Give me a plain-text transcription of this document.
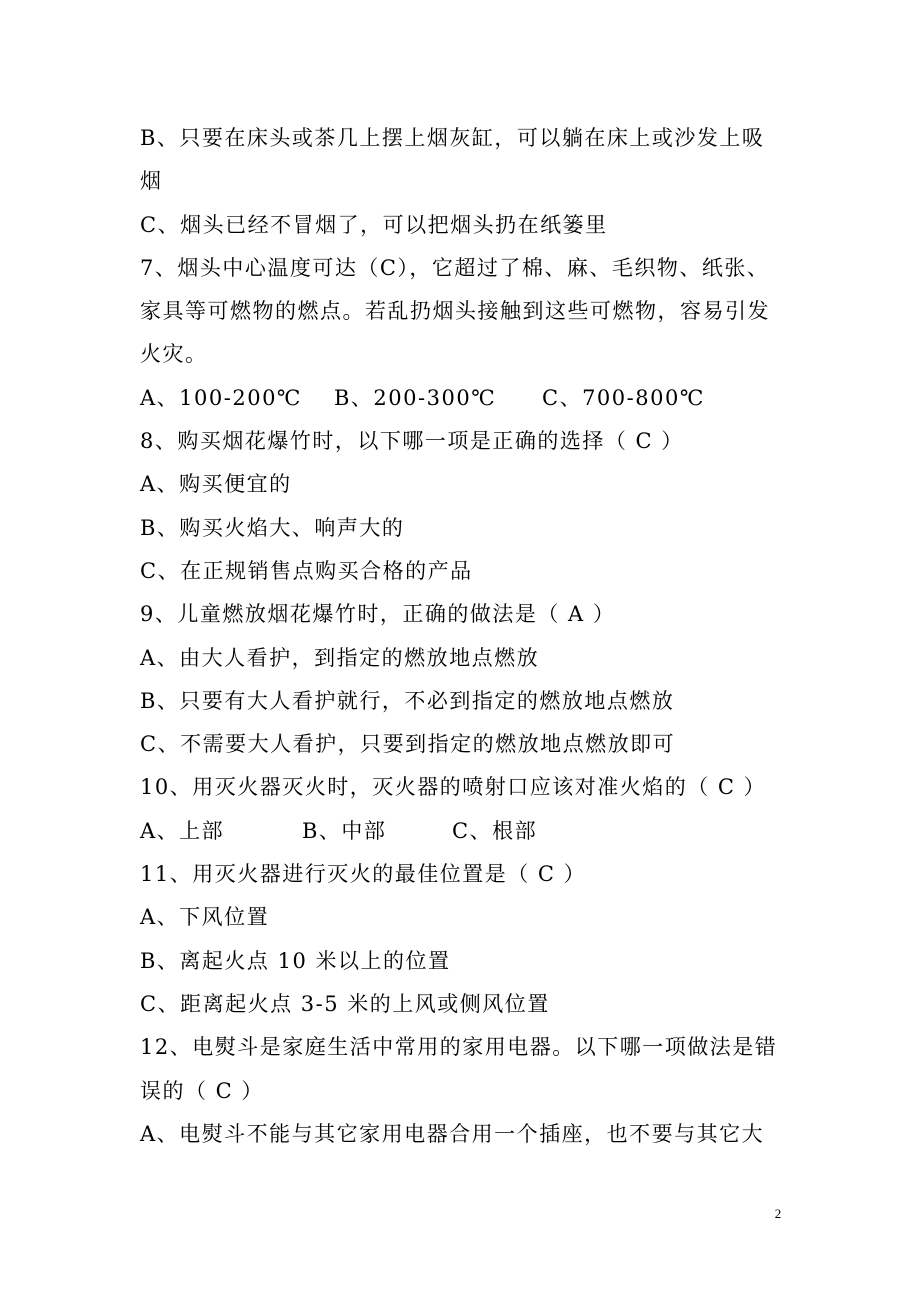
B、只要在床头或茶几上摆上烟灰缸，可以躺在床上或沙发上吸
烟
C、烟头已经不冒烟了，可以把烟头扔在纸篓里
7、烟头中心温度可达（C），它超过了棉、麻、毛织物、纸张、
家具等可燃物的燃点。若乱扔烟头接触到这些可燃物，容易引发
火灾。
A、100-200℃	B、200-300℃	C、700-800℃
8、购买烟花爆竹时，以下哪一项是正确的选择（ C ）
A、购买便宜的
B、购买火焰大、响声大的
C、在正规销售点购买合格的产品
9、儿童燃放烟花爆竹时，正确的做法是（ A ）
A、由大人看护，到指定的燃放地点燃放
B、只要有大人看护就行，不必到指定的燃放地点燃放
C、不需要大人看护，只要到指定的燃放地点燃放即可
10、用灭火器灭火时，灭火器的喷射口应该对准火焰的（ C ）
A、上部	B、中部	C、根部
11、用灭火器进行灭火的最佳位置是（ C ）
A、下风位置
B、离起火点 10 米以上的位置
C、距离起火点 3-5 米的上风或侧风位置
12、电熨斗是家庭生活中常用的家用电器。以下哪一项做法是错
误的（ C ）
A、电熨斗不能与其它家用电器合用一个插座，也不要与其它大
2
